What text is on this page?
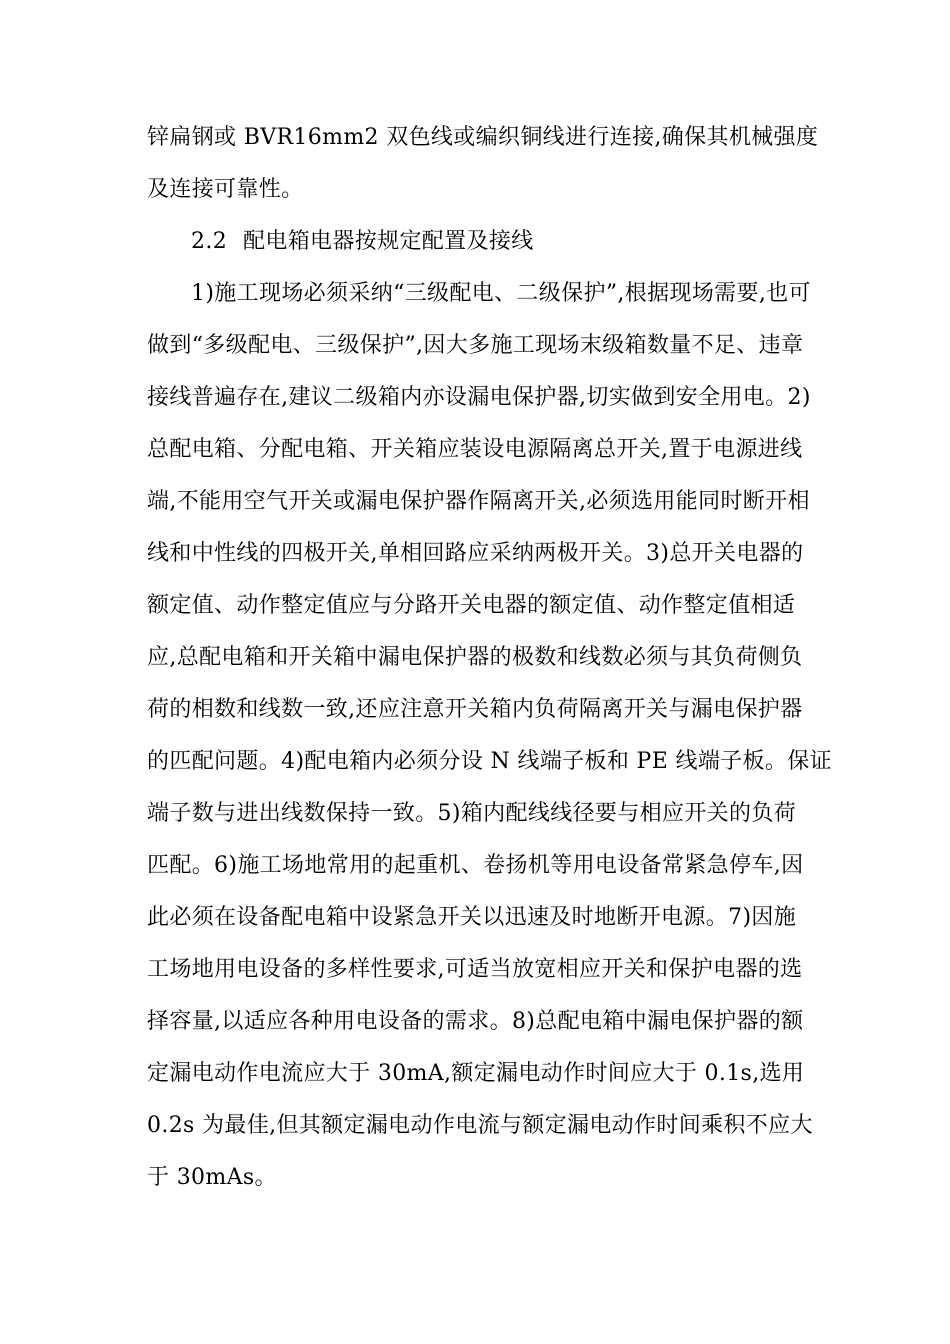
锌扁钢或 BVR16mm2 双色线或编织铜线进行连接,确保其机械强度
及连接可靠性。
2.2 配电箱电器按规定配置及接线
1)施工现场必须采纳“三级配电、二级保护”,根据现场需要,也可
做到“多级配电、三级保护”,因大多施工现场末级箱数量不足、违章
接线普遍存在,建议二级箱内亦设漏电保护器,切实做到安全用电。2)
总配电箱、分配电箱、开关箱应装设电源隔离总开关,置于电源进线
端,不能用空气开关或漏电保护器作隔离开关,必须选用能同时断开相
线和中性线的四极开关,单相回路应采纳两极开关。3)总开关电器的
额定值、动作整定值应与分路开关电器的额定值、动作整定值相适
应,总配电箱和开关箱中漏电保护器的极数和线数必须与其负荷侧负
荷的相数和线数一致,还应注意开关箱内负荷隔离开关与漏电保护器
的匹配问题。4)配电箱内必须分设 N 线端子板和 PE 线端子板。保证
端子数与进出线数保持一致。5)箱内配线线径要与相应开关的负荷
匹配。6)施工场地常用的起重机、卷扬机等用电设备常紧急停车,因
此必须在设备配电箱中设紧急开关以迅速及时地断开电源。7)因施
工场地用电设备的多样性要求,可适当放宽相应开关和保护电器的选
择容量,以适应各种用电设备的需求。8)总配电箱中漏电保护器的额
定漏电动作电流应大于 30mA,额定漏电动作时间应大于 0.1s,选用
0.2s 为最佳,但其额定漏电动作电流与额定漏电动作时间乘积不应大
于 30mAs。
